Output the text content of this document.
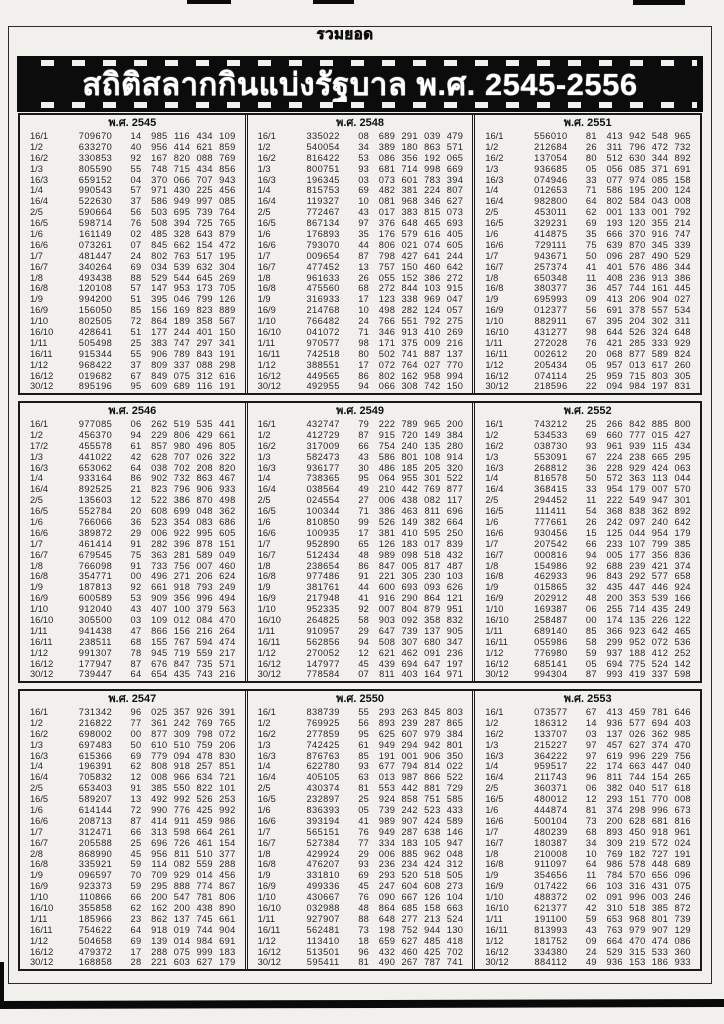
รวมยอด
สถิติสลากกินแบ่งรัฐบาล พ.ศ. 2545-2556
พ.ศ. 2545
16/1	709670	14	985 116 434 109
1/2	633270	40	956 414 621 859
16/2	330853	92	167 820 088 769
1/3	805590	55	748 715 434 856
16/3	659152	04	370 066 707 943
1/4	990543	57	971 430 225 456
16/4	522630	37	586 949 997 085
2/5	590664	56	503 695 739 764
16/5	598714	76	508 394 725 765
1/6	161149	02	485 328 643 879
16/6	073261	07	845 662 154 472
1/7	481447	24	802 763 517 195
16/7	340264	69	034 539 632 304
1/8	493438	88	529 544 645 269
16/8	120108	57	147 953 173 705
1/9	994200	51	395 046 799 126
16/9	156050	85	156 169 823 889
1/10	802505	72	864 189 358 567
16/10	428641	51	177 244 401 150
1/11	505498	25	383 747 297 341
16/11	915344	55	906 789 843 191
1/12	968422	37	809 337 088 298
16/12	019682	67	849 075 312 616
30/12	895196	95	609 689 116 191
พ.ศ. 2548
16/1	335022	08	689 291 039 479
1/2	540054	34	389 180 863 571
16/2	816422	53	086 356 192 065
1/3	800751	93	681 714 998 669
16/3	196345	03	073 601 783 394
1/4	815753	69	482 381 224 807
16/4	119327	10	081 968 346 627
2/5	772467	43	017 383 815 073
16/5	867134	97	376 648 465 693
1/6	176893	35	176 579 616 405
16/6	793070	44	806 021 074 605
1/7	009654	87	798 427 641 244
16/7	477452	13	757 150 460 642
1/8	961633	26	055 152 386 272
16/8	475560	68	272 844 103 915
1/9	316933	17	123 338 969 047
16/9	214768	10	498 282 124 057
1/10	766482	24	766 551 792 275
16/10	041072	71	346 913 410 269
1/11	970577	98	171 375 009 216
16/11	742518	80	502 741 887 137
1/12	388551	17	072 764 027 770
16/12	449565	86	802 162 958 994
30/12	492955	94	066 308 742 150
พ.ศ. 2551
16/1	556010	81	413 942 548 965
1/2	212684	26	311 796 472 732
16/2	137054	80	512 630 344 892
1/3	936685	05	056 085 371 691
16/3	074946	33	077 974 085 158
1/4	012653	71	586 195 200 124
16/4	982800	64	802 584 043 008
2/5	453011	62	001 133 001 792
16/5	329231	69	193 120 355 214
1/6	414875	35	666 370 916 747
16/6	729111	75	639 870 345 339
1/7	943671	50	096 287 490 529
16/7	257374	41	401 576 486 344
1/8	650348	11	408 236 913 386
16/8	380377	36	457 744 161 445
1/9	695993	09	413 206 904 027
16/9	012377	56	691 378 557 534
1/10	882911	67	395 204 302 311
16/10	431277	98	644 526 324 648
1/11	272028	76	421 285 333 929
16/11	002612	20	068 877 589 824
1/12	205434	05	957 013 617 260
16/12	074114	25	959 715 803 305
30/12	218596	22	094 984 197 831
พ.ศ. 2546
16/1	977085	06	262 519 535 441
1/2	456370	94	229 806 429 661
17/2	455578	61	857 980 496 805
1/3	441022	42	628 707 026 322
16/3	653062	64	038 702 208 820
1/4	933164	86	902 732 863 467
16/4	892525	21	823 796 906 933
2/5	135603	12	522 386 870 498
16/5	552784	20	608 699 048 362
1/6	766066	36	523 354 083 686
16/6	389872	29	006 922 995 605
1/7	461414	91	282 396 878 151
16/7	679545	75	363 281 589 049
1/8	766098	91	733 756 007 460
16/8	354771	00	496 271 206 624
1/9	187813	92	661 918 793 249
16/9	600589	53	909 356 996 494
1/10	912040	43	407 100 379 563
16/10	305500	03	109 012 084 470
1/11	941438	47	866 156 216 264
16/11	238511	68	155 767 594 474
1/12	991307	78	945 719 559 217
16/12	177947	87	676 847 735 571
30/12	739447	64	654 435 743 216
พ.ศ. 2549
16/1	432747	79	222 789 965 200
1/2	412729	87	915 720 149 384
16/2	317009	66	754 240 135 280
1/3	582473	43	586 801 108 914
16/3	936177	30	486 185 205 320
1/4	738365	95	064 955 301 522
16/4	038564	49	210 442 769 877
2/5	024554	27	006 438 082 117
16/5	100344	71	386 463 811 696
1/6	810850	99	526 149 382 664
16/6	100935	17	381 410 595 250
1/7	952890	65	126 183 017 839
16/7	512434	48	989 098 518 432
1/8	238654	86	847 005 817 487
16/8	977486	91	221 305 230 103
1/9	381761	44	600 693 093 626
16/9	217948	41	916 290 864 121
1/10	952335	92	007 804 879 951
16/10	264825	58	903 092 358 832
1/11	910957	29	647 739 137 905
16/11	562856	94	508 307 680 347
1/12	270052	12	621 462 091 236
16/12	147977	45	439 694 647 197
30/12	778584	07	811 403 164 971
พ.ศ. 2552
16/1	743212	25	266 842 885 800
1/2	534533	69	660 777 015 427
16/2	038730	93	961 939 115 434
1/3	553091	67	224 238 665 295
16/3	268812	36	228 929 424 063
1/4	816578	50	572 363 113 044
16/4	368415	33	954 179 007 570
2/5	294452	11	222 549 947 301
16/5	111411	54	368 838 362 892
1/6	777661	26	242 097 240 642
16/6	930456	15	125 044 954 179
1/7	207542	66	233 107 799 385
16/7	000816	94	005 177 356 836
1/8	154986	92	688 239 421 374
16/8	462933	96	843 292 577 658
1/9	015865	32	435 447 446 924
16/9	202912	48	200 353 539 166
1/10	169387	06	255 714 435 249
16/10	258487	00	174 135 226 122
1/11	689140	85	366 923 642 465
16/11	055986	58	299 952 072 536
1/12	776980	59	937 188 412 252
16/12	685141	05	694 775 524 142
30/12	994304	87	993 419 337 598
พ.ศ. 2547
16/1	731342	96	025 357 926 391
1/2	216822	77	361 242 769 765
16/2	698002	00	877 309 798 072
1/3	697483	50	610 510 759 206
16/3	615366	69	779 094 478 830
1/4	196391	62	808 918 257 851
16/4	705832	12	008 966 634 721
2/5	653403	91	385 550 822 101
16/5	589207	13	492 992 526 253
1/6	614144	72	990 776 425 992
16/6	208713	87	414 911 459 986
1/7	312471	66	313 598 664 261
16/7	205588	25	696 726 461 154
2/8	868990	45	956 811 510 377
16/8	335921	59	114 082 559 288
1/9	096597	70	709 929 014 456
16/9	923373	59	295 888 774 867
1/10	110866	66	200 547 781 806
16/10	355858	62	162 200 438 890
1/11	185966	23	862 137 745 661
16/11	754622	64	918 019 744 904
1/12	504658	69	139 014 984 691
16/12	479372	17	288 075 999 183
30/12	168858	28	221 603 627 179
พ.ศ. 2550
16/1	838739	55	293 263 845 803
1/2	769925	56	893 239 287 865
16/2	277859	95	625 607 979 384
1/3	742425	61	949 294 942 801
16/3	876763	85	191 001 906 350
1/4	622780	93	677 794 814 022
16/4	405105	63	013 987 866 522
2/5	430374	81	553 442 881 729
16/5	232897	25	924 858 751 585
1/6	836393	05	739 242 523 433
16/6	393194	41	989 907 424 589
1/7	565151	76	949 287 638 146
16/7	527384	77	334 183 105 947
1/8	429924	29	006 885 962 048
16/8	476207	93	236 234 424 312
1/9	331810	69	293 520 518 505
16/9	499336	45	247 604 608 273
1/10	430667	76	090 667 126 104
16/10	032988	48	864 685 158 663
1/11	927907	88	648 277 213 524
16/11	562481	73	198 752 944 130
1/12	113410	18	659 627 485 418
16/12	513501	96	432 460 425 702
30/12	595411	81	490 267 787 741
พ.ศ. 2553
16/1	073577	67	413 459 781 646
1/2	186312	14	936 577 694 403
16/2	133707	03	137 026 362 985
1/3	215227	97	457 627 374 470
16/3	364222	97	619 996 229 756
1/4	959517	22	174 663 447 040
16/4	211743	96	811 744 154 265
2/5	360371	06	382 040 517 618
16/5	480012	12	293 151 770 008
1/6	444874	81	374 298 996 673
16/6	500104	73	200 628 681 816
1/7	480239	68	893 450 918 961
16/7	180387	34	309 219 572 024
1/8	210008	10	769 182 727 191
16/8	911097	64	986 578 448 689
1/9	354656	11	784 570 656 096
16/9	017422	66	103 316 431 075
1/10	488372	02	091 996 003 246
16/10	621377	42	310 518 385 872
1/11	191100	59	653 968 801 739
16/11	813993	43	763 979 907 129
1/12	181752	09	664 470 474 086
16/12	334380	24	529 315 533 360
30/12	884112	49	936 153 186 933
